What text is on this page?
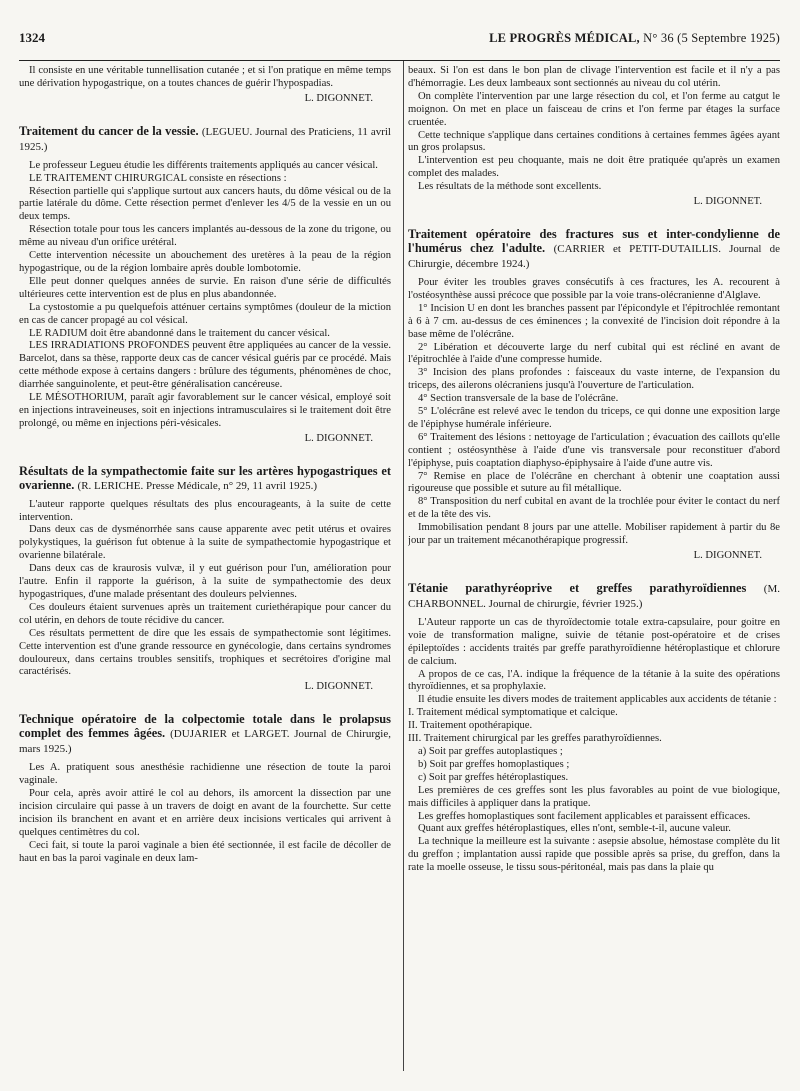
1324	LE PROGRÈS MÉDICAL, N° 36 (5 Septembre 1925)

Il consiste en une véritable tunnellisation cutanée ; et si l'on pratique en même temps une dérivation hypogastrique, on a toutes chances de guérir l'hypospadias.

L. DIGONNET.

Traitement du cancer de la vessie. (LEGUEU. Journal des Praticiens, 11 avril 1925.)

Le professeur Legueu étudie les différents traitements appliqués au cancer vésical.

LE TRAITEMENT CHIRURGICAL consiste en résections :

Résection partielle qui s'applique surtout aux cancers hauts, du dôme vésical ou de la partie latérale du dôme. Cette résection permet d'enlever les 4/5 de la vessie en un ou deux temps.

Résection totale pour tous les cancers implantés au-dessous de la zone du trigone, ou même au niveau d'un orifice urétéral.

Cette intervention nécessite un abouchement des uretères à la peau de la région hypogastrique, ou de la région lombaire après double lombotomie.

Elle peut donner quelques années de survie. En raison d'une série de difficultés ultérieures cette intervention est de plus en plus abandonnée.

La cystostomie a pu quelquefois atténuer certains symptômes (douleur de la miction en cas de cancer propagé au col vésical.

LE RADIUM doit être abandonné dans le traitement du cancer vésical.

LES IRRADIATIONS PROFONDES peuvent être appliquées au cancer de la vessie. Barcelot, dans sa thèse, rapporte deux cas de cancer vésical guéris par ce procédé. Mais cette méthode expose à certains dangers : brûlure des téguments, phénomènes de choc, diarrhée sanguinolente, et peut-être généralisation cancéreuse.

LE MÉSOTHORIUM, paraît agir favorablement sur le cancer vésical, employé soit en injections intraveineuses, soit en injections intramusculaires si le traitement doit être prolongé, ou même en injections péri-vésicales.

L. DIGONNET.

Résultats de la sympathectomie faite sur les artères hypogastriques et ovarienne. (R. LERICHE. Presse Médicale, n° 29, 11 avril 1925.)

L'auteur rapporte quelques résultats des plus encourageants, à la suite de cette intervention.

Dans deux cas de dysménorrhée sans cause apparente avec petit utérus et ovaires polykystiques, la guérison fut obtenue à la suite de sympathectomie hypogastrique et ovarienne bilatérale.

Dans deux cas de kraurosis vulvæ, il y eut guérison pour l'un, amélioration pour l'autre. Enfin il rapporte la guérison, à la suite de sympathectomie des deux hypogastriques, d'une malade présentant des douleurs pelviennes.

Ces douleurs étaient survenues après un traitement curiethérapique pour cancer du col utérin, en dehors de toute récidive du cancer.

Ces résultats permettent de dire que les essais de sympathectomie sont légitimes. Cette intervention est d'une grande ressource en gynécologie, dans certains syndromes douloureux, dans certains troubles sensitifs, trophiques et secrétoires d'origine mal caractérisés.

L. DIGONNET.

Technique opératoire de la colpectomie totale dans le prolapsus complet des femmes âgées. (DUJARIER et LARGET. Journal de Chirurgie, mars 1925.)

Les A. pratiquent sous anesthésie rachidienne une résection de toute la paroi vaginale.

Pour cela, après avoir attiré le col au dehors, ils amorcent la dissection par une incision circulaire qui passe à un travers de doigt en avant de la fourchette. Sur cette incision ils branchent en avant et en arrière deux incisions verticales qui arrivent à quelques centimètres du col.

Ceci fait, si toute la paroi vaginale a bien été sectionnée, il est facile de décoller de haut en bas la paroi vaginale en deux lam-

beaux. Si l'on est dans le bon plan de clivage l'intervention est facile et il n'y a pas d'hémorragie. Les deux lambeaux sont sectionnés au niveau du col utérin.

On complète l'intervention par une large résection du col, et l'on ferme au catgut le moignon. On met en place un faisceau de crins et l'on ferme par étages la surface cruentée.

Cette technique s'applique dans certaines conditions à certaines femmes âgées ayant un gros prolapsus.

L'intervention est peu choquante, mais ne doit être pratiquée qu'après un examen complet des malades.

Les résultats de la méthode sont excellents.

L. DIGONNET.

Traitement opératoire des fractures sus et inter-condylienne de l'humérus chez l'adulte. (CARRIER et PETIT-DUTAILLIS. Journal de Chirurgie, décembre 1924.)

Pour éviter les troubles graves consécutifs à ces fractures, les A. recourent à l'ostéosynthèse aussi précoce que possible par la voie trans-olécranienne d'Alglave.

1° Incision U en dont les branches passent par l'épicondyle et l'épitrochlée remontant à 6 à 7 cm. au-dessus de ces éminences ; la convexité de l'incision doit répondre à la base même de l'olécrâne.

2° Libération et découverte large du nerf cubital qui est récliné en avant de l'épitrochlée à l'aide d'une compresse humide.

3° Incision des plans profondes : faisceaux du vaste interne, de l'expansion du triceps, des ailerons olécraniens jusqu'à l'ouverture de l'articulation.

4° Section transversale de la base de l'olécrâne.

5° L'olécrâne est relevé avec le tendon du triceps, ce qui donne une exposition large de l'épiphyse humérale inférieure.

6° Traitement des lésions : nettoyage de l'articulation ; évacuation des caillots qu'elle contient ; ostéosynthèse à l'aide d'une vis transversale pour reconstituer d'abord l'épiphyse, puis coaptation diaphyso-épiphysaire à l'aide d'une autre vis.

7° Remise en place de l'olécrâne en cherchant à obtenir une coaptation aussi rigoureuse que possible et suture au fil métallique.

8° Transposition du nerf cubital en avant de la trochlée pour éviter le contact du nerf et de la tête des vis.

Immobilisation pendant 8 jours par une attelle. Mobiliser rapidement à partir du 8e jour par un traitement mécanothérapique progressif.

L. DIGONNET.

Tétanie parathyréoprive et greffes parathyroïdiennes (M. CHARBONNEL. Journal de chirurgie, février 1925.)

L'Auteur rapporte un cas de thyroïdectomie totale extra-capsulaire, pour goitre en voie de transformation maligne, suivie de tétanie post-opératoire et de crises épileptoïdes : accidents traités par greffe parathyroïdienne hétéroplastique et chlorure de calcium.

A propos de ce cas, l'A. indique la fréquence de la tétanie à la suite des opérations thyroïdiennes, et sa prophylaxie.

Il étudie ensuite les divers modes de traitement applicables aux accidents de tétanie :

I. Traitement médical symptomatique et calcique.

II. Traitement opothérapique.

III. Traitement chirurgical par les greffes parathyroïdiennes.

a) Soit par greffes autoplastiques ;

b) Soit par greffes homoplastiques ;

c) Soit par greffes hétéroplastiques.

Les premières de ces greffes sont les plus favorables au point de vue biologique, mais difficiles à appliquer dans la pratique.

Les greffes homoplastiques sont facilement applicables et paraissent efficaces.

Quant aux greffes hétéroplastiques, elles n'ont, semble-t-il, aucune valeur.

La technique la meilleure est la suivante : asepsie absolue, hémostase complète du lit du greffon ; implantation aussi rapide que possible après sa prise, du greffon, dans la rate la moelle osseuse, le tissu sous-péritonéal, mais pas dans la plaie qu
